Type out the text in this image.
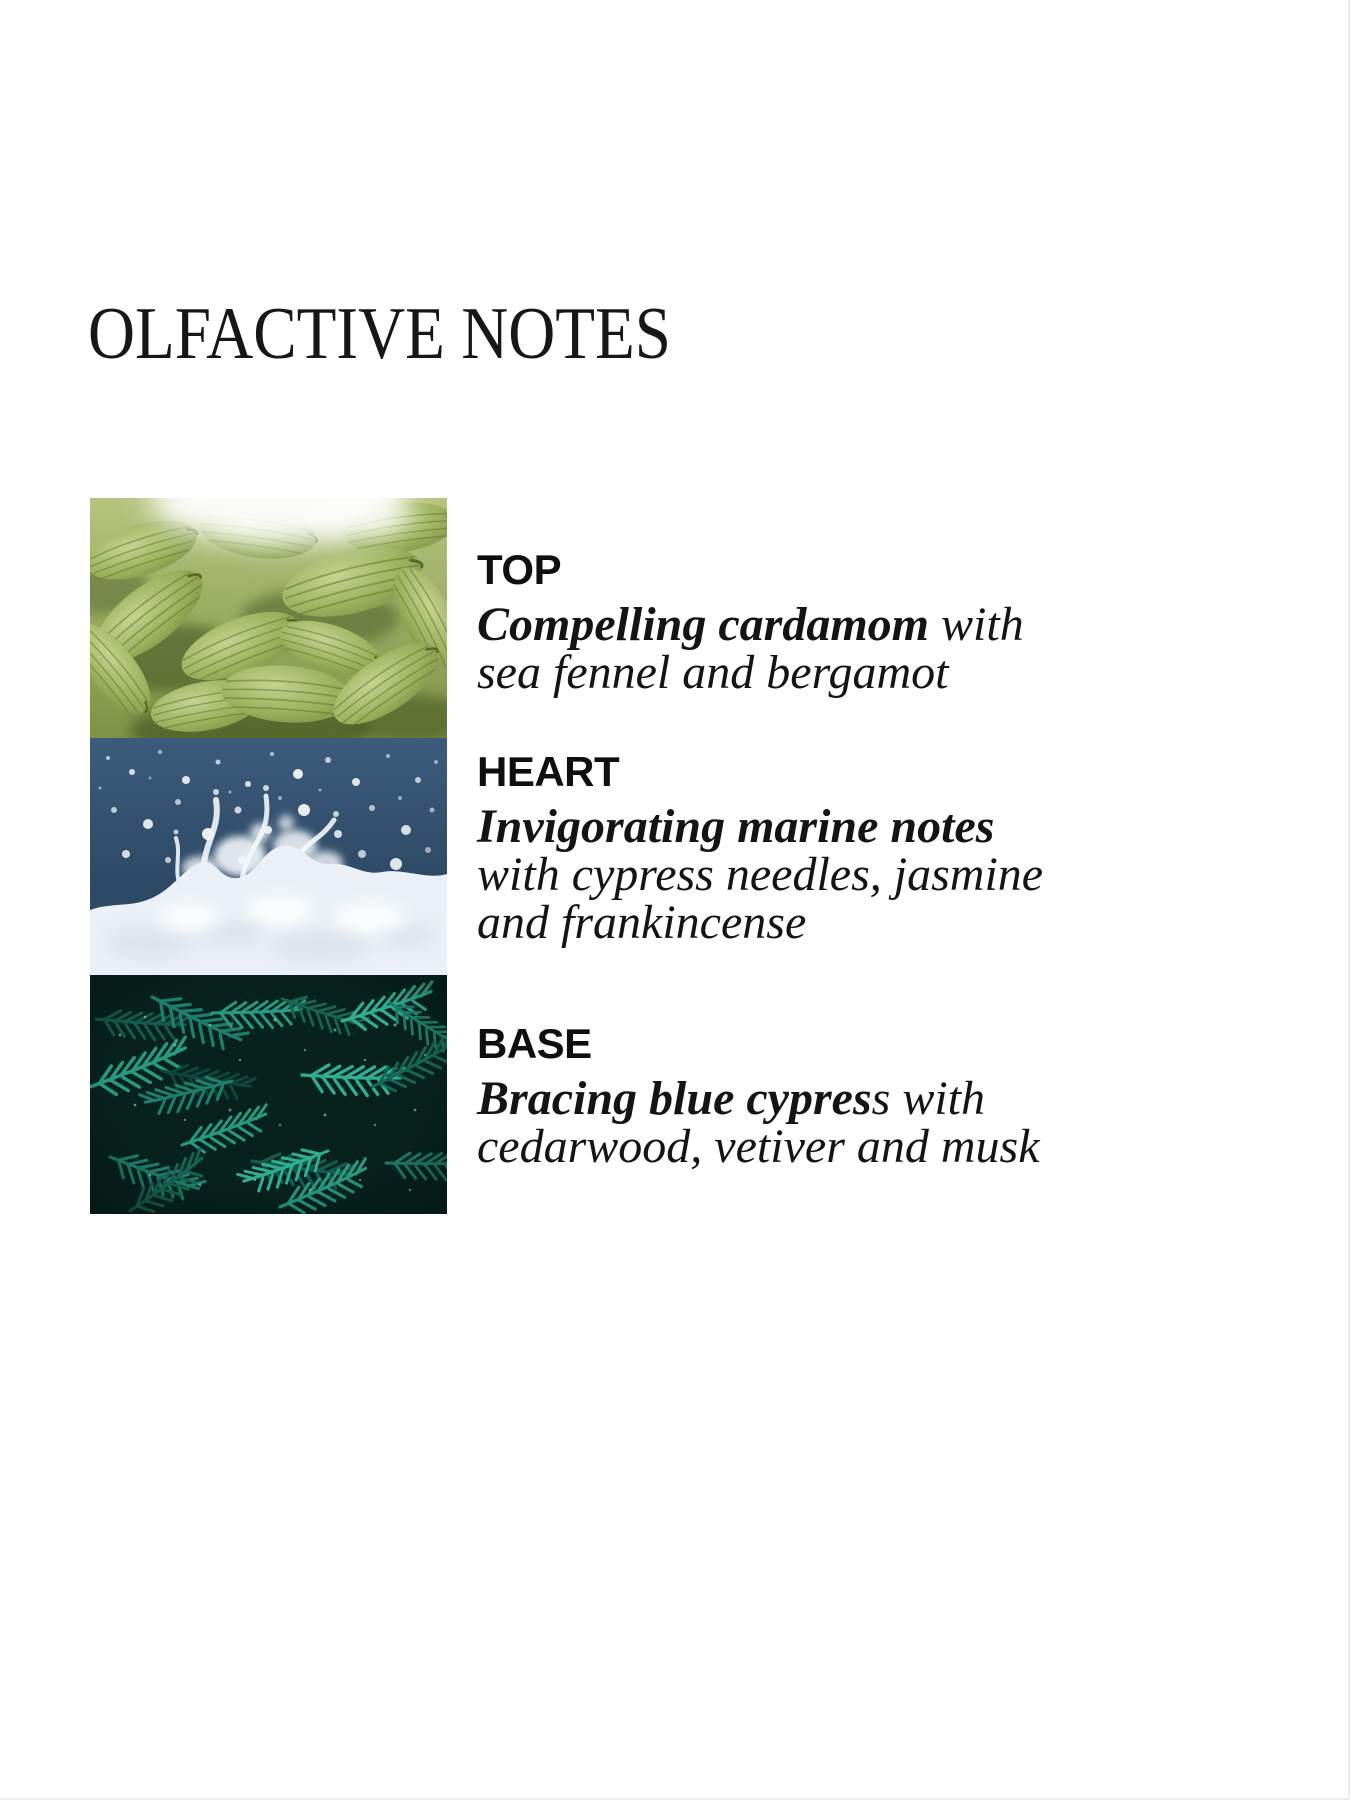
OLFACTIVE NOTES
TOP

Compelling cardamom with
sea fennel and bergamot

HEART

Invigorating marine notes
with cypress needles, jasmine
and frankincense

BASE

Bracing blue cypress with
cedarwood, vetiver and musk
